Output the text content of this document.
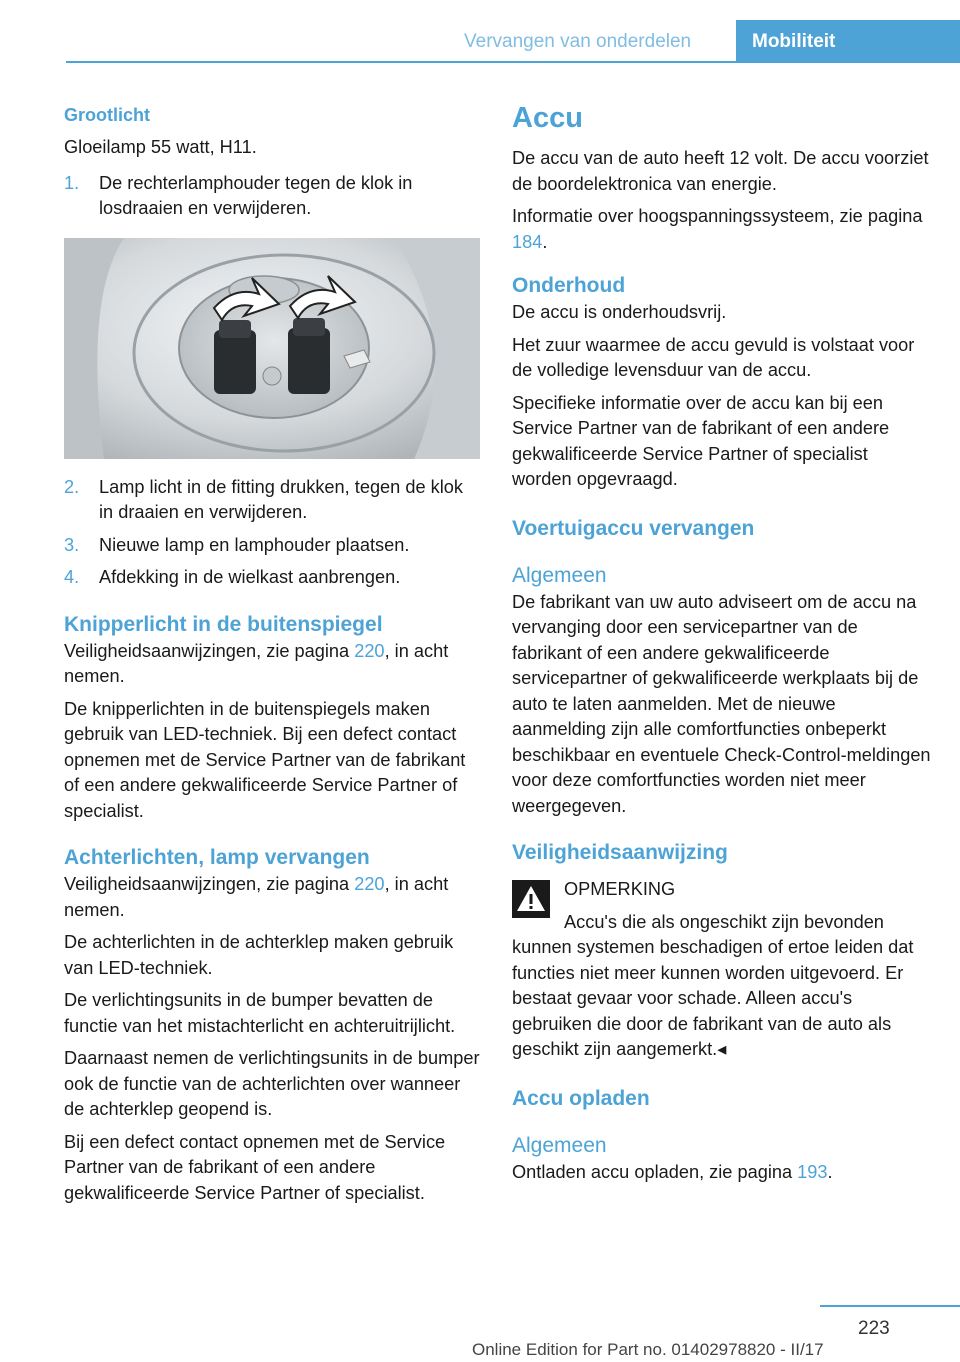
Vervangen van onderdelen	Mobiliteit
Grootlicht

Gloeilamp 55 watt, H11.

1.	De rechterlamphouder tegen de klok in losdraaien en verwijderen.
2.	Lamp licht in de fitting drukken, tegen de klok in draaien en verwijderen.
3.	Nieuwe lamp en lamphouder plaatsen.
4.	Afdekking in de wielkast aanbrengen.
Knipperlicht in de buitenspiegel

Veiligheidsaanwijzingen, zie pagina 220, in acht nemen.

De knipperlichten in de buitenspiegels maken gebruik van LED-techniek. Bij een defect contact opnemen met de Service Partner van de fabrikant of een andere gekwalificeerde Service Partner of specialist.

Achterlichten, lamp vervangen

Veiligheidsaanwijzingen, zie pagina 220, in acht nemen.

De achterlichten in de achterklep maken gebruik van LED-techniek.

De verlichtingsunits in de bumper bevatten de functie van het mistachterlicht en achteruitrijlicht.

Daarnaast nemen de verlichtingsunits in de bumper ook de functie van de achterlichten over wanneer de achterklep geopend is.

Bij een defect contact opnemen met de Service Partner van de fabrikant of een andere gekwalificeerde Service Partner of specialist.

Accu

De accu van de auto heeft 12 volt. De accu voorziet de boordelektronica van energie.

Informatie over hoogspanningssysteem, zie pagina 184.

Onderhoud

De accu is onderhoudsvrij.

Het zuur waarmee de accu gevuld is volstaat voor de volledige levensduur van de accu.

Specifieke informatie over de accu kan bij een Service Partner van de fabrikant of een andere gekwalificeerde Service Partner of specialist worden opgevraagd.

Voertuigaccu vervangen
Algemeen

De fabrikant van uw auto adviseert om de accu na vervanging door een servicepartner van de fabrikant of een andere gekwalificeerde servicepartner of gekwalificeerde werkplaats bij de auto te laten aanmelden. Met de nieuwe aanmelding zijn alle comfortfuncties onbeperkt beschikbaar en eventuele Check-Control-meldingen voor deze comfortfuncties worden niet meer weergegeven.

Veiligheidsaanwijzing

OPMERKING

Accu's die als ongeschikt zijn bevonden

kunnen systemen beschadigen of ertoe leiden dat functies niet meer kunnen worden uitgevoerd. Er bestaat gevaar voor schade. Alleen accu's gebruiken die door de fabrikant van de auto als geschikt zijn aangemerkt.◂

Accu opladen
Algemeen

Ontladen accu opladen, zie pagina 193.

223
Online Edition for Part no. 01402978820 - II/17
